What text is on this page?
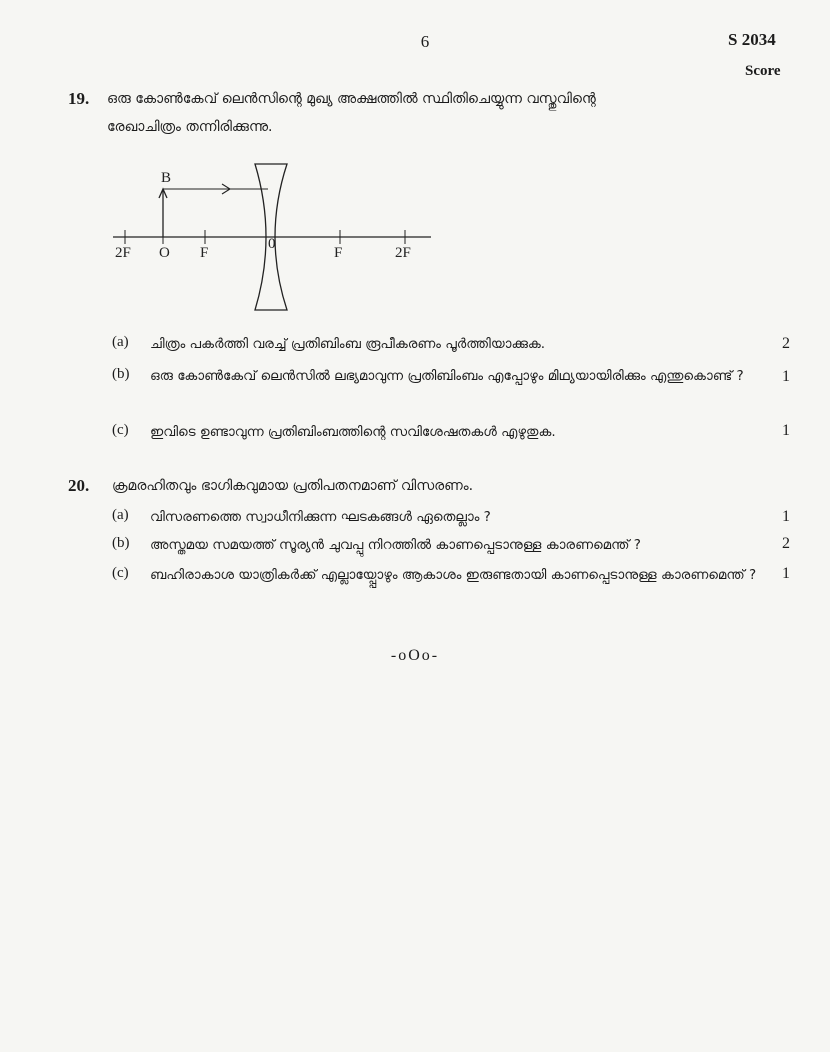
6	S 2034
Score
19. ഒരു കോൺകേവ് ലെൻസിന്റെ മുഖ്യ അക്ഷത്തിൽ സ്ഥിതിചെയ്യുന്ന വസ്തുവിന്റെ
രേഖാചിത്രം തന്നിരിക്കുന്നു.
B
2F O F
0
F	2F
(a) ചിത്രം പകർത്തി വരച്ച് പ്രതിബിംബ രൂപീകരണം പൂർത്തിയാക്കുക.	2
(b) ഒരു കോൺകേവ് ലെൻസിൽ ലഭ്യമാവുന്ന പ്രതിബിംബം എപ്പോഴും മിഥ്യയായിരിക്കും എന്തുകൊണ്ട് ?	1
(c) ഇവിടെ ഉണ്ടാവുന്ന പ്രതിബിംബത്തിന്റെ സവിശേഷതകൾ എഴുതുക.	1
20. ക്രമരഹിതവും ഭാഗികവുമായ പ്രതിപതനമാണ് വിസരണം.
(a) വിസരണത്തെ സ്വാധീനിക്കുന്ന ഘടകങ്ങൾ ഏതെല്ലാം ?	1
(b) അസ്തമയ സമയത്ത് സൂര്യൻ ചുവപ്പു നിറത്തിൽ കാണപ്പെടാനുള്ള കാരണമെന്ത് ?	2
(c) ബഹിരാകാശ യാത്രികർക്ക് എല്ലായ്പ്പോഴും ആകാശം ഇരുണ്ടതായി കാണപ്പെടാനുള്ള കാരണമെന്ത് ?	1
-oOo-
